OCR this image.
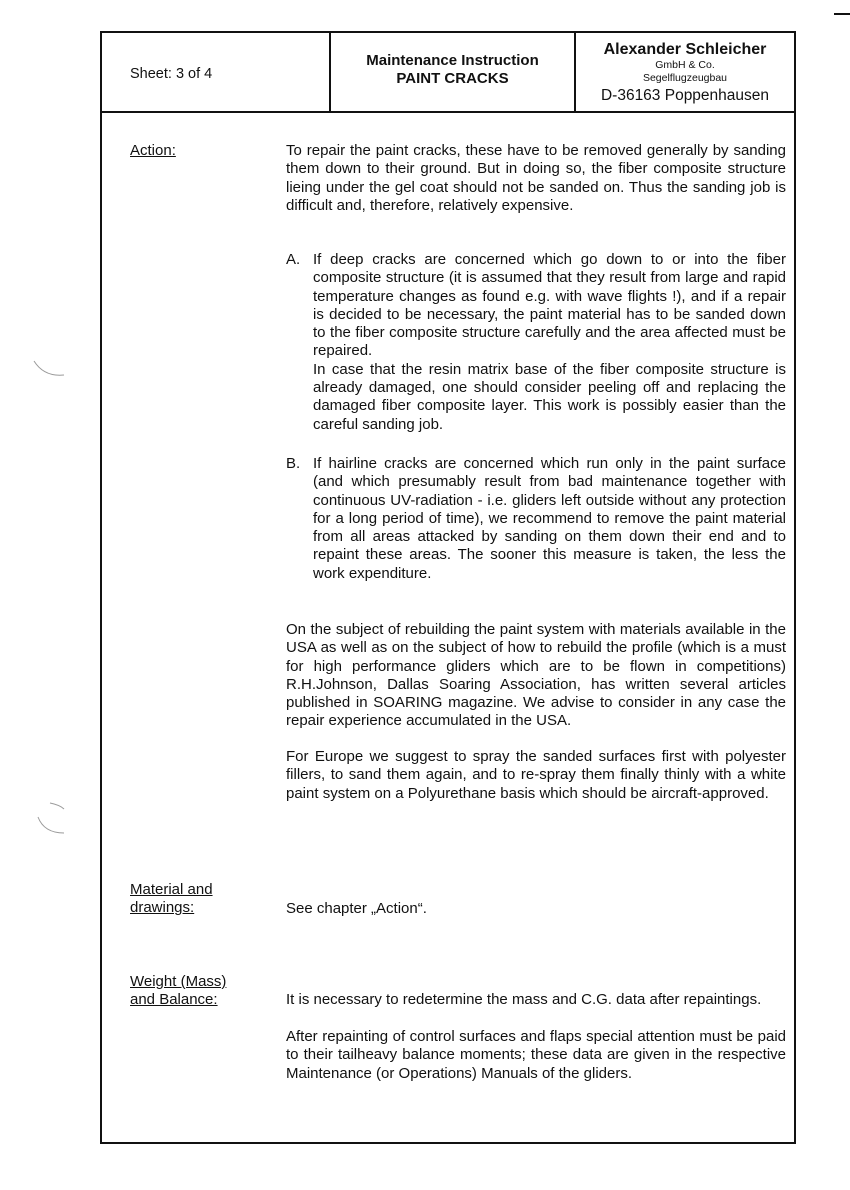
Sheet: 3 of 4
Maintenance Instruction
PAINT CRACKS
Alexander Schleicher
GmbH & Co.
Segelflugzeugbau
D-36163 Poppenhausen
Action:	To repair the paint cracks, these have to be removed generally by sanding them down to their ground. But in doing so, the fiber composite structure lieing under the gel coat should not be sanded on. Thus the sanding job is difficult and, therefore, relatively expensive.

A. If deep cracks are concerned which go down to or into the fiber composite structure (it is assumed that they result from large and rapid temperature changes as found e.g. with wave flights !), and if a repair is decided to be necessary, the paint material has to be sanded down to the fiber composite structure carefully and the area affected must be repaired.

In case that the resin matrix base of the fiber composite structure is already damaged, one should consider peeling off and replacing the damaged fiber composite layer. This work is possibly easier than the careful sanding job.

B. If hairline cracks are concerned which run only in the paint surface (and which presumably result from bad maintenance together with continuous UV-radiation - i.e. gliders left outside without any protection for a long period of time), we recommend to remove the paint material from all areas attacked by sanding on them down their end and to repaint these areas. The sooner this measure is taken, the less the work expenditure.

On the subject of rebuilding the paint system with materials available in the USA as well as on the subject of how to rebuild the profile (which is a must for high performance gliders which are to be flown in competitions) R.H.Johnson, Dallas Soaring Association, has written several articles published in SOARING magazine. We advise to consider in any case the repair experience accumulated in the USA.

For Europe we suggest to spray the sanded surfaces first with polyester fillers, to sand them again, and to re-spray them finally thinly with a white paint system on a Polyurethane basis which should be aircraft-approved.

Material and
drawings:	See chapter „Action“.

Weight (Mass)
and Balance:	It is necessary to redetermine the mass and C.G. data after repaintings.

After repainting of control surfaces and flaps special attention must be paid to their tailheavy balance moments; these data are given in the respective Maintenance (or Operations) Manuals of the gliders.
